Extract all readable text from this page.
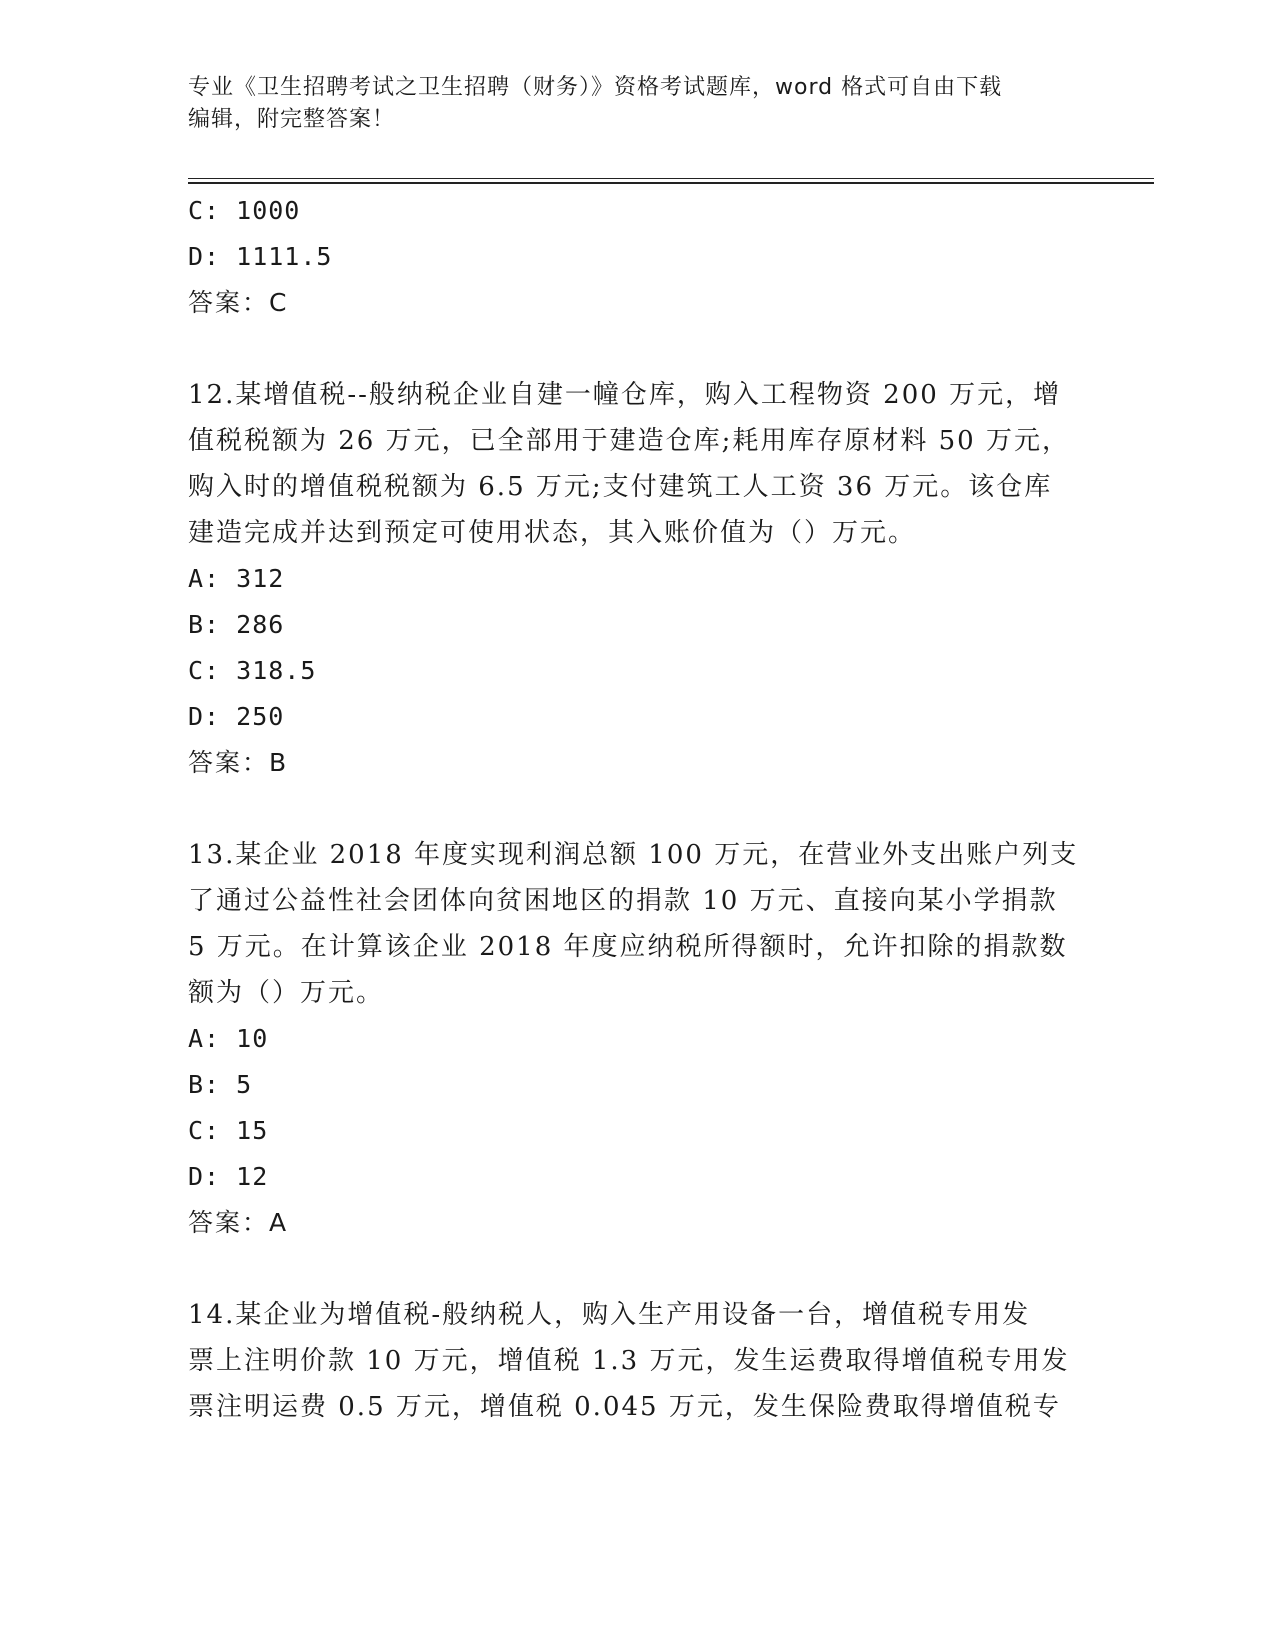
专业《卫生招聘考试之卫生招聘（财务）》资格考试题库，word 格式可自由下载
编辑，附完整答案！
C: 1000
D: 1111.5
答案：C
12.某增值税--般纳税企业自建一幢仓库，购入工程物资 200 万元，增
值税税额为 26 万元，已全部用于建造仓库;耗用库存原材料 50 万元，
购入时的增值税税额为 6.5 万元;支付建筑工人工资 36 万元。该仓库
建造完成并达到预定可使用状态，其入账价值为（）万元。
A: 312
B: 286
C: 318.5
D: 250
答案：B
13.某企业 2018 年度实现利润总额 100 万元，在营业外支出账户列支
了通过公益性社会团体向贫困地区的捐款 10 万元、直接向某小学捐款
5 万元。在计算该企业 2018 年度应纳税所得额时，允许扣除的捐款数
额为（）万元。
A: 10
B: 5
C: 15
D: 12
答案：A
14.某企业为增值税-般纳税人，购入生产用设备一台，增值税专用发
票上注明价款 10 万元，增值税 1.3 万元，发生运费取得增值税专用发
票注明运费 0.5 万元，增值税 0.045 万元，发生保险费取得增值税专
